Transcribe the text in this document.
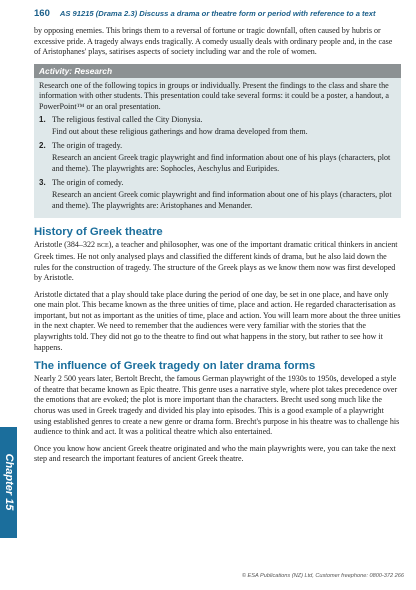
160 AS 91215 (Drama 2.3) Discuss a drama or theatre form or period with reference to a text

by opposing enemies. This brings them to a reversal of fortune or tragic downfall, often caused by hubris or excessive pride. A tragedy always ends tragically. A comedy usually deals with ordinary people and, in the case of Aristophanes' plays, satirises aspects of society including war and the role of women.

Activity: Research

Research one of the following topics in groups or individually. Present the findings to the class and share the information with other students. This presentation could take several forms: it could be a poster, a handout, a PowerPoint™ or an oral presentation.

1. The religious festival called the City Dionysia.

Find out about these religious gatherings and how drama developed from them.

2. The origin of tragedy.

Research an ancient Greek tragic playwright and find information about one of his plays (characters, plot and theme). The playwrights are: Sophocles, Aeschylus and Euripides.

3. The origin of comedy.

Research an ancient Greek comic playwright and find information about one of his plays (characters, plot and theme). The playwrights are: Aristophanes and Menander.

History of Greek theatre

Aristotle (384–322 BCE), a teacher and philosopher, was one of the important dramatic critical thinkers in ancient Greek times. He not only analysed plays and classified the different kinds of drama, but he also laid down the rules for the construction of tragedy. The structure of the Greek plays as we know them now was first developed by Aristotle.

Aristotle dictated that a play should take place during the period of one day, be set in one place, and have only one main plot. This became known as the three unities of time, place and action. He regarded characterisation as important, but not as important as the unities of time, place and action. You will learn more about the three unities in the next chapter. We need to remember that the audiences were very familiar with the stories that the playwrights told. They did not go to the theatre to find out what happens in the story, but rather to see how it happens.

The influence of Greek tragedy on later drama forms

Nearly 2 500 years later, Bertolt Brecht, the famous German playwright of the 1930s to 1950s, developed a style of theatre that became known as Epic theatre. This genre uses a narrative style, where plot takes precedence over the emotions that are evoked; the plot is more important than the characters. Brecht used song much like the chorus was used in Greek tragedy and divided his play into episodes. This is a good example of a playwright using established genres to create a new genre or drama form. Brecht's purpose in his theatre was to challenge his audience to think and act. It was a political theatre which also entertained.

Once you know how ancient Greek theatre originated and who the main playwrights were, you can take the next step and research the important features of ancient Greek theatre.

Chapter 15
© ESA Publications (NZ) Ltd, Customer freephone: 0800-372 266
